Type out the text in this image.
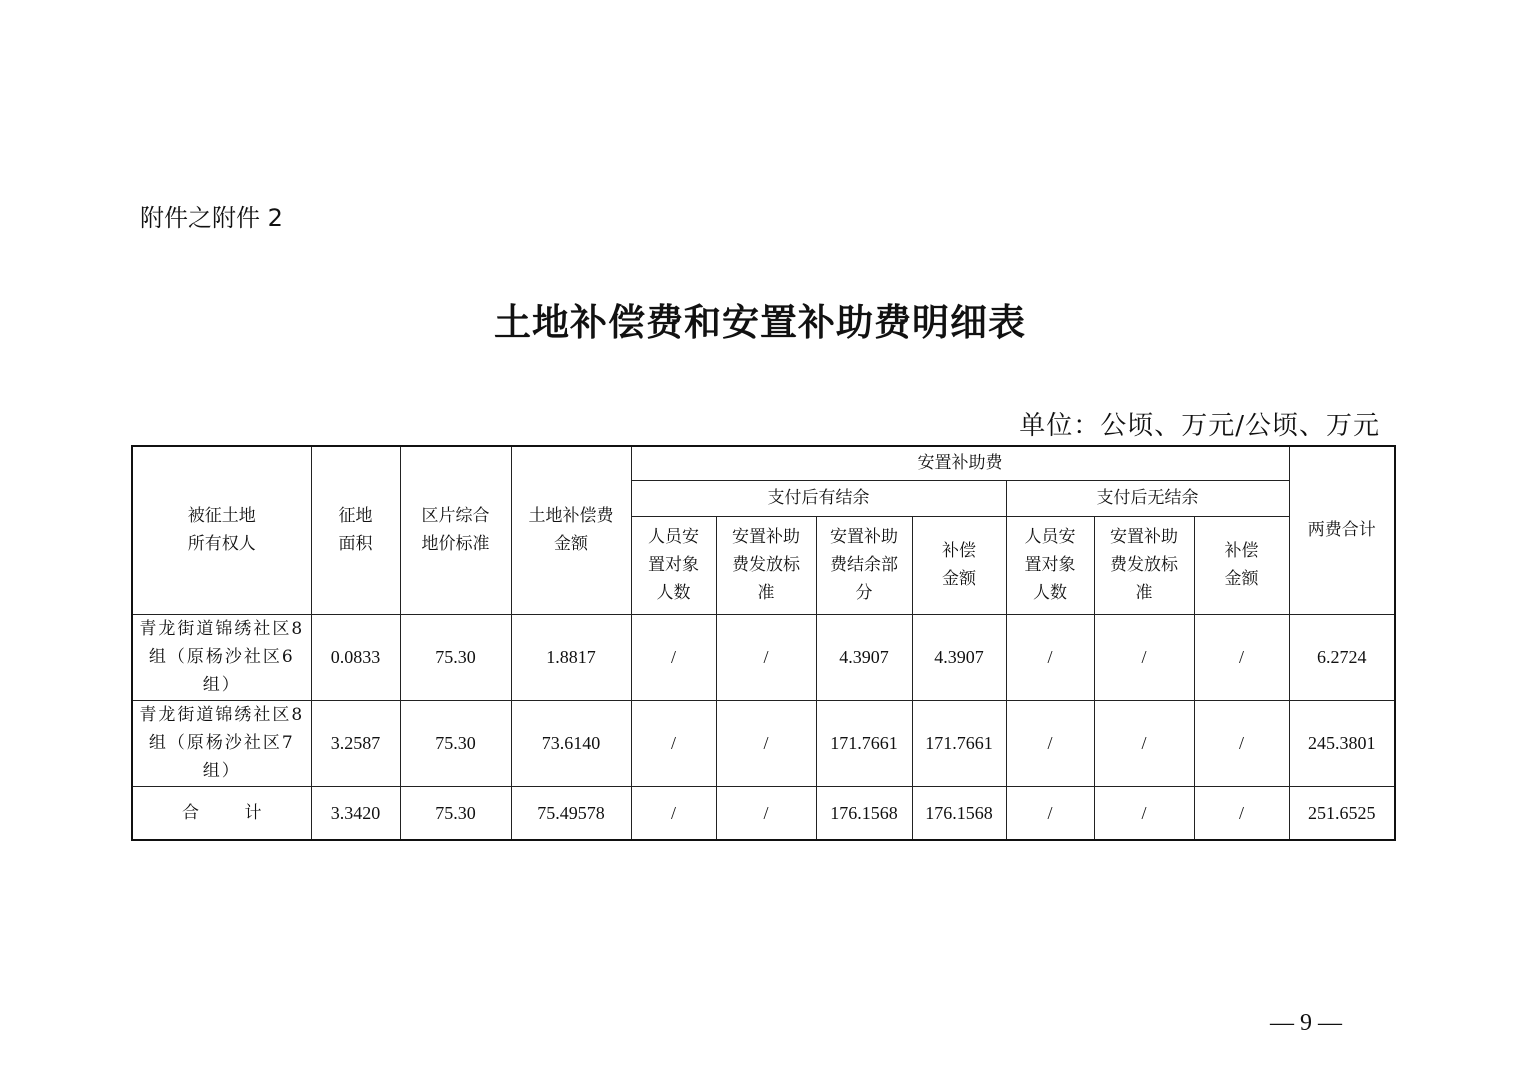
附件之附件 2
土地补偿费和安置补助费明细表
单位：公顷、万元/公顷、万元
被征土地所有权人	征地面积	区片综合地价标准	土地补偿费金额	安置补助费							两费合计
				支付后有结余				支付后无结余			

				人员安置对象人数	安置补助费发放标准	安置补助费结余部分	补偿金额	人员安置对象人数	安置补助费发放标准	补偿金额	

青龙街道锦绣社区8组（原杨沙社区6组）	0.0833	75.30	1.8817	/	/	4.3907	4.3907	/	/	/	6.2724
青龙街道锦绣社区8组（原杨沙社区7组）	3.2587	75.30	73.6140	/	/	171.7661	171.7661	/	/	/	245.3801
合 计	3.3420	75.30	75.49578	/	/	176.1568	176.1568	/	/	/	251.6525
— 9 —
